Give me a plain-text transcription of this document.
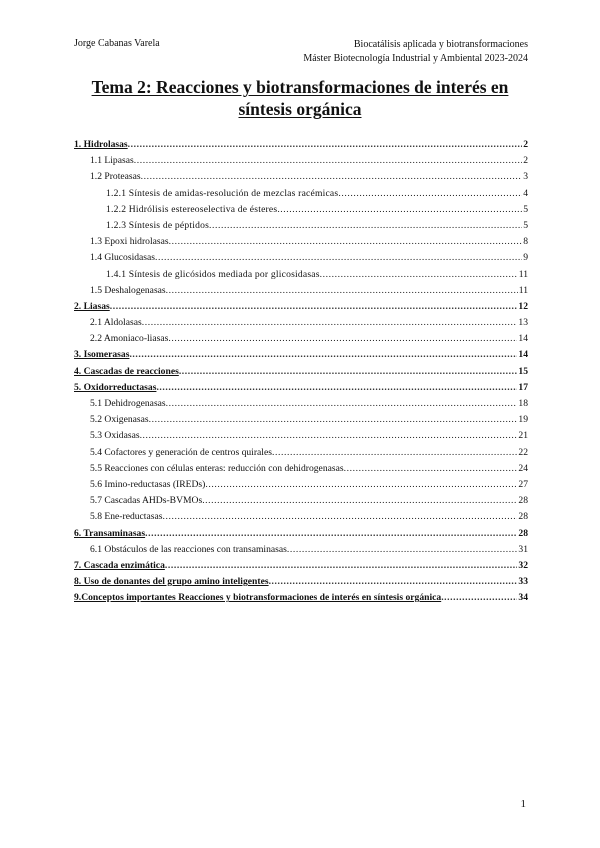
Jorge Cabanas Varela	Biocatálisis aplicada y biotransformaciones
Máster Biotecnología Industrial y Ambiental 2023-2024
Tema 2: Reacciones y biotransformaciones de interés en
síntesis orgánica
1. Hidrolasas .....	2
1.1 Lipasas .....	2
1.2 Proteasas .....	3
1.2.1 Síntesis de amidas-resolución de mezclas racémicas .....	4
1.2.2 Hidrólisis estereoselectiva de ésteres .....	5
1.2.3 Síntesis de péptidos .....	5
1.3 Epoxi hidrolasas .....	8
1.4 Glucosidasas .....	9
1.4.1 Síntesis de glicósidos mediada por glicosidasas .....	11
1.5 Deshalogenasas .....	11
2. Liasas .....	12
2.1 Aldolasas .....	13
2.2 Amoniaco-liasas .....	14
3. Isomerasas .....	14
4. Cascadas de reacciones .....	15
5. Oxidorreductasas .....	17
5.1 Dehidrogenasas .....	18
5.2 Oxigenasas .....	19
5.3 Oxidasas .....	21
5.4 Cofactores y generación de centros quirales .....	22
5.5 Reacciones con células enteras: reducción con dehidrogenasas .....	24
5.6 Imino-reductasas (IREDs) .....	27
5.7 Cascadas AHDs-BVMOs .....	28
5.8 Ene-reductasas .....	28
6. Transaminasas .....	28
6.1 Obstáculos de las reacciones con transaminasas .....	31
7. Cascada enzimática .....	32
8. Uso de donantes del grupo amino inteligentes .....	33
9.Conceptos importantes Reacciones y biotransformaciones de interés en síntesis orgánica .....	34
1
